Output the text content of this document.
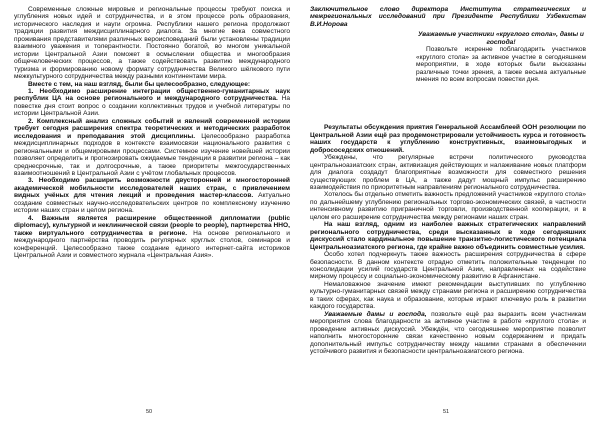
Современные сложные мировые и региональные процессы требуют поиска и углубления новых идей и сотрудничества, и в этом процессе роль образования, исторического наследия и науги огромна. Республики нашего региона продолжают традиции развития междисциплинарного диалога. За многие века совместного проживания представителями различных вероисповеданий были установлены традиции взаимного уважения и толерантности. Постоянно богатой, во многом уникальной истории Центральной Азии поможет в осмыслении общества и многообразия общечеловеческих процессов, а также содействовать развитию международного туризма и формированию новому формату сотрудничества Великого шёлкового пути межкультурного сотрудничества между разными континентами мира.

Вместе с тем, на наш взгляд, были бы целесообразно, следующее:

1. Необходимо расширение интеграции общественно-гуманитарных наук республик ЦА на основе регионального и международного сотрудничества. На повестке дня стоит вопрос о создании коллективных трудов и учебной литературы по истории Центральной Азии.

2. Комплексный анализ сложных событий и явлений современной истории требует сегодня расширения спектра теоретических и методических разработок исследования и преподавания этой дисциплины. Целесообразно разработка междисциплинарных подходов в контексте взаимосвязи национального развития с региональными и общемировыми процессами. Системное изучение новейшей истории позволяет определить и прогнозировать ожидаемые тенденции в развитии региона – как среднесрочные, так и долгосрочные, а также приоритеты межгосударственных взаимоотношений в Центральной Азии с учётом глобальных процессов.

3. Необходимо расширить возможности двусторонней и многосторонней академической мобильности исследователей наших стран, с привлечением видных учёных для чтения лекций и проведения мастер-классов. Актуально создание совместных научно-исследовательских центров по комплексному изучению истории наших стран и целом региона.

4. Важным является расширение общественной дипломатии (public diplomacy), культурной и неклинической связи (people to people), партнерства ННО, также виртуального сотрудничества в регионе. На основе регионального и международного партнёрства проводить регулярных круглых столов, семинаров и конференций. Целесообразно также создание единого интернет-сайта историков Центральной Азии и совместного журнала «Центральная Азия».

50

Заключительное слово директора Института стратегических и межрегиональных исследований при Президенте Республики Узбекистан В.И.Норова

Уважаемые участники «круглого стола», дамы и господа!

Позвольте искренне поблагодарить участников «круглого стола» за активное участие в сегодняшнем мероприятии, в ходе которых были высказаны различные точки зрения, а также весьма актуальные мнения по всем вопросам повестки дня.

Результаты обсуждения приятия Генеральной Ассамблеей ООН резолюции по Центральной Азии ещё раз продемонстрировали устойчивость курса и готовность наших государств к углублению конструктивных, взаимовыгодных и добрососедских отношений.

Убеждены, что регулярные встречи политического руководства центральноазиатских стран, активизация действующих и налаживание новых платформ для диалога создадут благоприятные возможности для совместного решения существующих проблем в ЦА, а также дадут мощный импульс расширению взаимодействия по приоритетным направлениям регионального сотрудничества.

Хотелось бы отдельно отметить важность предложений участников «круглого стола» по дальнейшему углублению региональных торгово-экономических связей, в частности интенсивному развитию приграничной торговли, производственной кооперации, и в целом его расширение сотрудничества между регионами наших стран.

На наш взгляд, одним из наиболее важных стратегических направлений регионального сотрудничества, среди высказанных в ходе сегодняшних дискуссий стало кардинальное повышение транзитно-логистического потенциала Центральноазиатского региона, где крайне важно объединить совместные усилия.

Особо хотел подчеркнуть также важность расширения сотрудничества в сфере безопасности. В данном контексте отрадно отметить положительные тенденции по консолидации усилий государств Центральной Азии, направленных на содействие мирному процессу и социально-экономическому развитию в Афганистане.

Немаловажное значение имеют рекомендации выступивших по углублению культурно-гуманитарных связей между странами региона и расширению сотрудничества в таких сферах, как наука и образование, которые играют ключевую роль в развитии каждого государства.

Уважаемые дамы и господа, позвольте ещё раз выразить всем участникам мероприятия слова благодарности за активное участие в работе «круглого стола» и проведение активных дискуссий. Убеждён, что сегодняшнее мероприятие позволит наполнить многосторонние связи качественно новым содержанием и придать дополнительный импульс сотрудничеству между нашими странами в обеспечении устойчивого развития и безопасности центральноазиатского региона.

51
